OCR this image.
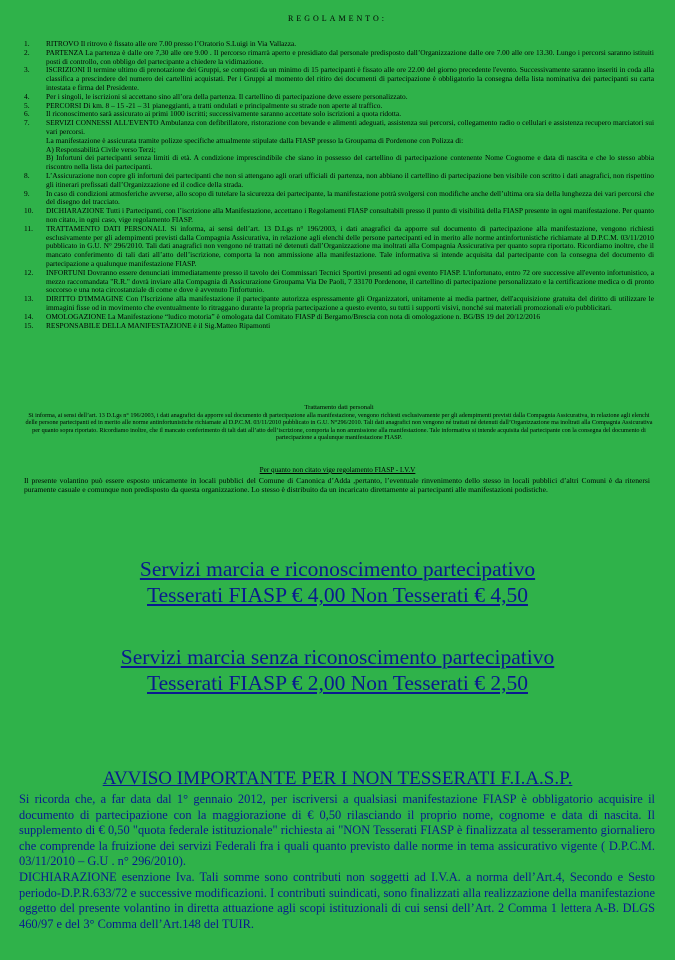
REGOLAMENTO:
1.	RITROVO Il ritrovo è fissato alle ore 7.00 presso l’Oratorio S.Luigi in Via Vallazza.
2.	PARTENZA La partenza è dalle ore 7,30 alle ore 9.00 . Il percorso rimarrà aperto e presidiato dal personale predisposto dall’Organizzazione dalle ore 7.00 alle ore 13.30. Lungo i percorsi saranno istituiti posti di controllo, con obbligo del partecipante a chiedere la vidimazione.
3.	ISCRIZIONI Il termine ultimo di prenotazione dei Gruppi, se composti da un minimo di 15 partecipanti è fissato alle ore 22.00 del giorno precedente l'evento. Successivamente saranno inseriti in coda alla classifica a prescindere del numero dei cartellini acquistati. Per i Gruppi al momento del ritiro dei documenti di partecipazione è obbligatorio la consegna della lista nominativa dei partecipanti su carta intestata e firma del Presidente.
4.	Per i singoli, le iscrizioni si accettano sino all’ora della partenza. Il cartellino di partecipazione deve essere personalizzato.
5.	PERCORSI Di km. 8 – 15 -21 – 31 pianeggianti, a tratti ondulati e principalmente su strade non aperte al traffico.
6.	Il riconoscimento sarà assicurato ai primi 1000 iscritti; successivamente saranno accettate solo iscrizioni a quota ridotta.
7.	SERVIZI CONNESSI ALL'EVENTO Ambulanza con defibrillatore, ristorazione con bevande e alimenti adeguati, assistenza sui percorsi, collegamento radio o cellulari e assistenza recupero marciatori sui vari percorsi.
La manifestazione è assicurata tramite polizze specifiche attualmente stipulate dalla FIASP presso la Groupama di Pordenone con Polizza di:
A) Responsabilità Civile verso Terzi;
B) Infortuni dei partecipanti senza limiti di età. A condizione imprescindibile che siano in possesso del cartellino di partecipazione contenente Nome Cognome e data di nascita e che lo stesso abbia riscontro nella lista dei partecipanti.
8.	L’Assicurazione non copre gli infortuni dei partecipanti che non si attengano agli orari ufficiali di partenza, non abbiano il cartellino di partecipazione ben visibile con scritto i dati anagrafici, non rispettino gli itinerari prefissati dall’Organizzazione ed il codice della strada.
9.	In caso di condizioni atmosferiche avverse, allo scopo di tutelare la sicurezza dei partecipante, la manifestazione potrà svolgersi con modifiche anche dell’ultima ora sia della lunghezza dei vari percorsi che del disegno del tracciato.
10.	DICHIARAZIONE Tutti i Partecipanti, con l’iscrizione alla Manifestazione, accettano i Regolamenti FIASP consultabili presso il punto di visibilità della FIASP presente in ogni manifestazione. Per quanto non citato, in ogni caso, vige regolamento FIASP.
11.	TRATTAMENTO DATI PERSONALI. Si informa, ai sensi dell’art. 13 D.Lgs n° 196/2003, i dati anagrafici da apporre sul documento di partecipazione alla manifestazione, vengono richiesti esclusivamente per gli adempimenti previsti dalla Compagnia Assicurativa, in relazione agli elenchi delle persone partecipanti ed in merito alle norme antinfortunistiche richiamate al D.P.C.M. 03/11/2010 pubblicato in G.U. N° 296/2010. Tali dati anagrafici non vengono né trattati né detenuti dall’Organizzazione ma inoltrati alla Compagnia Assicurativa per quanto sopra riportato. Ricordiamo inoltre, che il mancato conferimento di tali dati all’atto dell’iscrizione, comporta la non ammissione alla manifestazione. Tale informativa si intende acquisita dal partecipante con la consegna del documento di partecipazione a qualunque manifestazione FIASP.
12.	INFORTUNI Dovranno essere denunciati immediatamente presso il tavolo dei Commissari Tecnici Sportivi presenti ad ogni evento FIASP. L'infortunato, entro 72 ore successive all'evento infortunistico, a mezzo raccomandata "R.R." dovrà inviare alla Compagnia di Assicurazione Groupama Via De Paoli, 7 33170 Pordenone, il cartellino di partecipazione personalizzato e la certificazione medica o di pronto soccorso e una nota circostanziale di come e dove è avvenuto l'infortunio.
13.	DIRITTO D'IMMAGINE Con l'Iscrizione alla manifestazione il partecipante autorizza espressamente gli Organizzatori, unitamente ai media partner, dell'acquisizione gratuita del diritto di utilizzare le immagini fisse od in movimento che eventualmente lo ritraggano durante la propria partecipazione a questo evento, su tutti i supporti visivi, nonché sui materiali promozionali e/o pubblicitari.
14.	OMOLOGAZIONE La Manifestazione “ludico motoria” è omologata dal Comitato FIASP di Bergamo/Brescia con nota di omologazione n. BG/BS 19 del 20/12/2016
15.	RESPONSABILE DELLA MANIFESTAZIONE è il Sig.Matteo Ripamonti
Trattamento dati personali
Si informa, ai sensi dell’art. 13 D.Lgs n° 196/2003, i dati anagrafici da apporre sul documento di partecipazione alla manifestazione, vengono richiesti esclusivamente per gli adempimenti previsti dalla Compagnia Assicurativa, in relazione agli elenchi delle persone partecipanti ed in merito alle norme antinfortunistiche richiamate al D.P.C.M. 03/11/2010 pubblicato in G.U. N°296/2010. Tali dati anagrafici non vengono né trattati né detenuti dall’Organizzazione ma inoltrati alla Compagnia Assicurativa per quanto sopra riportato. Ricordiamo inoltre, che il mancato conferimento di tali dati all’atto dell’iscrizione, comporta la non ammissione alla manifestazione. Tale informativa si intende acquisita dal partecipante con la consegna del documento di partecipazione a qualunque manifestazione FIASP.
Per quanto non citato vige regolamento FIASP - I.V.V
Il presente volantino può essere esposto unicamente in locali pubblici del Comune di Canonica d’Adda ,pertanto, l’eventuale rinvenimento dello stesso in locali pubblici d’altri Comuni è da ritenersi puramente casuale e comunque non predisposto da questa organizzazione. Lo stesso è distribuito da un incaricato direttamente ai partecipanti alle manifestazioni podistiche.
Servizi marcia e riconoscimento partecipativo
Tesserati FIASP € 4,00 Non Tesserati € 4,50
Servizi marcia senza riconoscimento partecipativo
Tesserati FIASP € 2,00 Non Tesserati € 2,50
AVVISO IMPORTANTE PER I NON TESSERATI F.I.A.S.P.

Si ricorda che, a far data dal 1° gennaio 2012, per iscriversi a qualsiasi manifestazione FIASP è obbligatorio acquisire il documento di partecipazione con la maggiorazione di € 0,50 rilasciando il proprio nome, cognome e data di nascita. Il supplemento di € 0,50 "quota federale istituzionale" richiesta ai "NON Tesserati FIASP è finalizzata al tesseramento giornaliero che comprende la fruizione dei servizi Federali fra i quali quanto previsto dalle norme in tema assicurativo vigente ( D.P.C.M. 03/11/2010 – G.U . n° 296/2010).

DICHIARAZIONE esenzione Iva. Tali somme sono contributi non soggetti ad I.V.A. a norma dell’Art.4, Secondo e Sesto periodo-D.P.R.633/72 e successive modificazioni. I contributi suindicati, sono finalizzati alla realizzazione della manifestazione oggetto del presente volantino in diretta attuazione agli scopi istituzionali di cui sensi dell’Art. 2 Comma 1 lettera A-B. DLGS 460/97 e del 3° Comma dell’Art.148 del TUIR.
